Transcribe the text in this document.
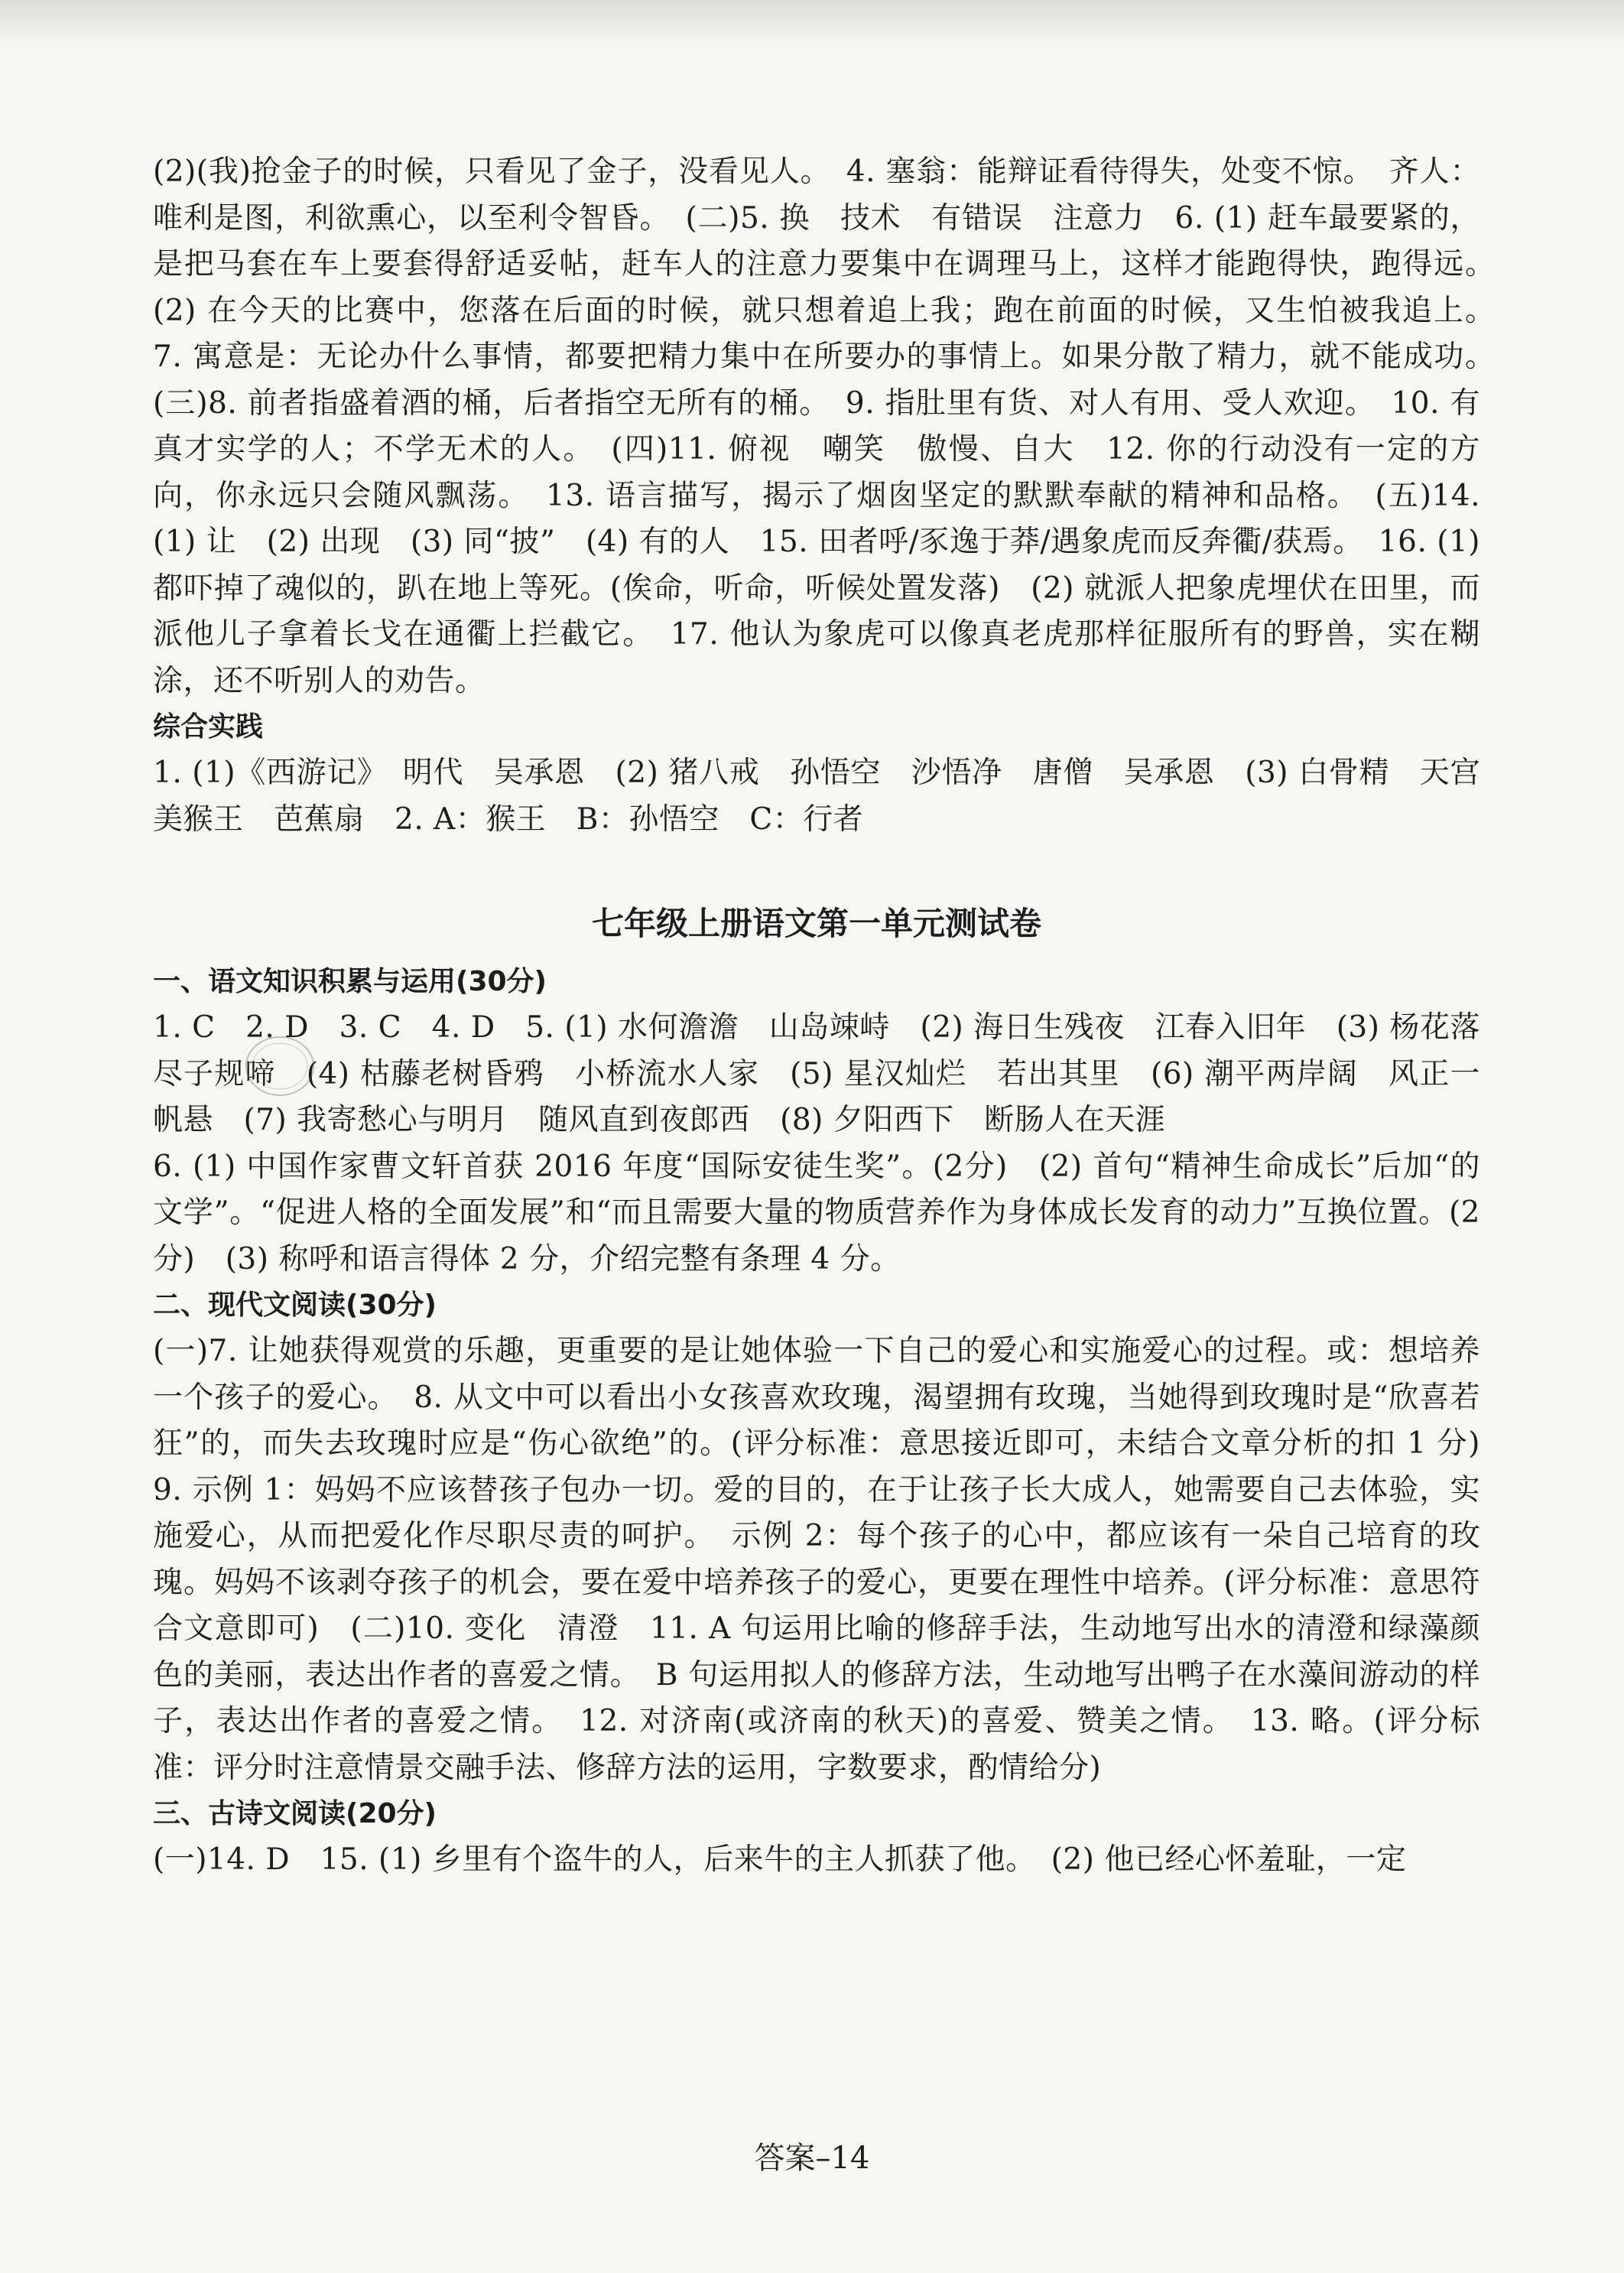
(2)(我)抢金子的时候，只看见了金子，没看见人。　4. 塞翁：能辩证看待得失，处变不惊。　齐人：唯利是图，利欲熏心，以至利令智昏。　(二)5. 换　技术　有错误　注意力　6. (1) 赶车最要紧的，是把马套在车上要套得舒适妥帖，赶车人的注意力要集中在调理马上，这样才能跑得快，跑得远。　(2) 在今天的比赛中，您落在后面的时候，就只想着追上我；跑在前面的时候，又生怕被我追上。　7. 寓意是：无论办什么事情，都要把精力集中在所要办的事情上。如果分散了精力，就不能成功。　(三)8. 前者指盛着酒的桶，后者指空无所有的桶。　9. 指肚里有货、对人有用、受人欢迎。　10. 有真才实学的人；不学无术的人。　(四)11. 俯视　嘲笑　傲慢、自大　12. 你的行动没有一定的方向，你永远只会随风飘荡。　13. 语言描写，揭示了烟囱坚定的默默奉献的精神和品格。　(五)14. (1) 让　(2) 出现　(3) 同“披”　(4) 有的人　15. 田者呼/豕逸于莽/遇象虎而反奔衢/获焉。　16. (1) 都吓掉了魂似的，趴在地上等死。(俟命，听命，听候处置发落)　(2) 就派人把象虎埋伏在田里，而派他儿子拿着长戈在通衢上拦截它。　17. 他认为象虎可以像真老虎那样征服所有的野兽，实在糊涂，还不听别人的劝告。

综合实践

1. (1)《西游记》　明代　吴承恩　(2) 猪八戒　孙悟空　沙悟净　唐僧　吴承恩　(3) 白骨精　天宫　美猴王　芭蕉扇　2. A：猴王　B：孙悟空　C：行者

七年级上册语文第一单元测试卷

一、语文知识积累与运用(30分)

1. C　2. D　3. C　4. D　5. (1) 水何澹澹　山岛竦峙　(2) 海日生残夜　江春入旧年　(3) 杨花落尽子规啼　(4) 枯藤老树昏鸦　小桥流水人家　(5) 星汉灿烂　若出其里　(6) 潮平两岸阔　风正一帆悬　(7) 我寄愁心与明月　随风直到夜郎西　(8) 夕阳西下　断肠人在天涯

6. (1) 中国作家曹文轩首获 2016 年度“国际安徒生奖”。(2分)　(2) 首句“精神生命成长”后加“的文学”。“促进人格的全面发展”和“而且需要大量的物质营养作为身体成长发育的动力”互换位置。(2分)　(3) 称呼和语言得体 2 分，介绍完整有条理 4 分。

二、现代文阅读(30分)

(一)7. 让她获得观赏的乐趣，更重要的是让她体验一下自己的爱心和实施爱心的过程。或：想培养一个孩子的爱心。　8. 从文中可以看出小女孩喜欢玫瑰，渴望拥有玫瑰，当她得到玫瑰时是“欣喜若狂”的，而失去玫瑰时应是“伤心欲绝”的。(评分标准：意思接近即可，未结合文章分析的扣 1 分)　9. 示例 1：妈妈不应该替孩子包办一切。爱的目的，在于让孩子长大成人，她需要自己去体验，实施爱心，从而把爱化作尽职尽责的呵护。　示例 2：每个孩子的心中，都应该有一朵自己培育的玫瑰。妈妈不该剥夺孩子的机会，要在爱中培养孩子的爱心，更要在理性中培养。(评分标准：意思符合文意即可)　(二)10. 变化　清澄　11. A 句运用比喻的修辞手法，生动地写出水的清澄和绿藻颜色的美丽，表达出作者的喜爱之情。　B 句运用拟人的修辞方法，生动地写出鸭子在水藻间游动的样子，表达出作者的喜爱之情。　12. 对济南(或济南的秋天)的喜爱、赞美之情。　13. 略。(评分标准：评分时注意情景交融手法、修辞方法的运用，字数要求，酌情给分)

三、古诗文阅读(20分)

(一)14. D　15. (1) 乡里有个盗牛的人，后来牛的主人抓获了他。　(2) 他已经心怀羞耻，一定

答案–14
